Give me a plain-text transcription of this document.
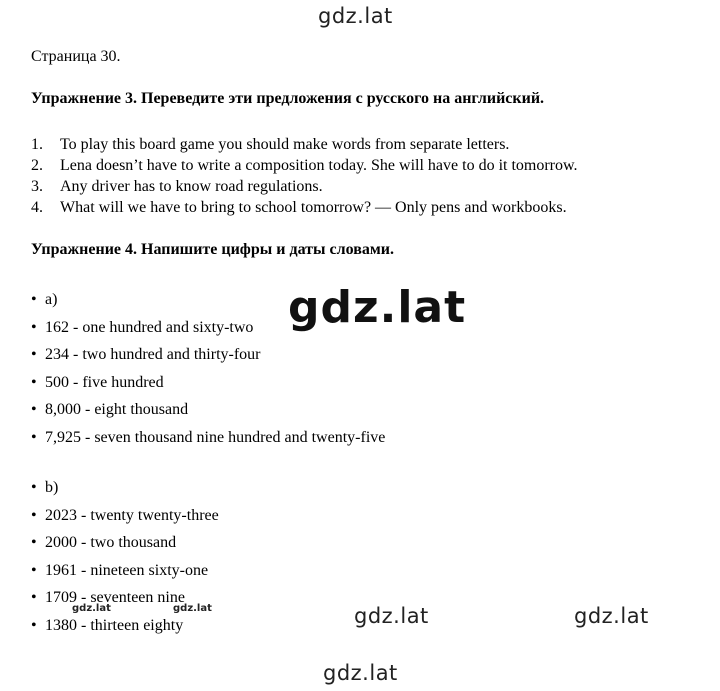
gdz.lat
Страница 30.
Упражнение 3. Переведите эти предложения с русского на английский.
1. To play this board game you should make words from separate letters.
2. Lena doesn’t have to write a composition today. She will have to do it tomorrow.
3. Any driver has to know road regulations.
4. What will we have to bring to school tomorrow? — Only pens and workbooks.
Упражнение 4. Напишите цифры и даты словами.
• a)
• 162 - one hundred and sixty-two
• 234 - two hundred and thirty-four
• 500 - five hundred
• 8,000 - eight thousand
• 7,925 - seven thousand nine hundred and twenty-five
• b)
• 2023 - twenty twenty-three
• 2000 - two thousand
• 1961 - nineteen sixty-one
• 1709 - seventeen nine
• 1380 - thirteen eighty
gdz.lat
gdz.lat	gdz.lat	gdz.lat	gdz.lat
gdz.lat
